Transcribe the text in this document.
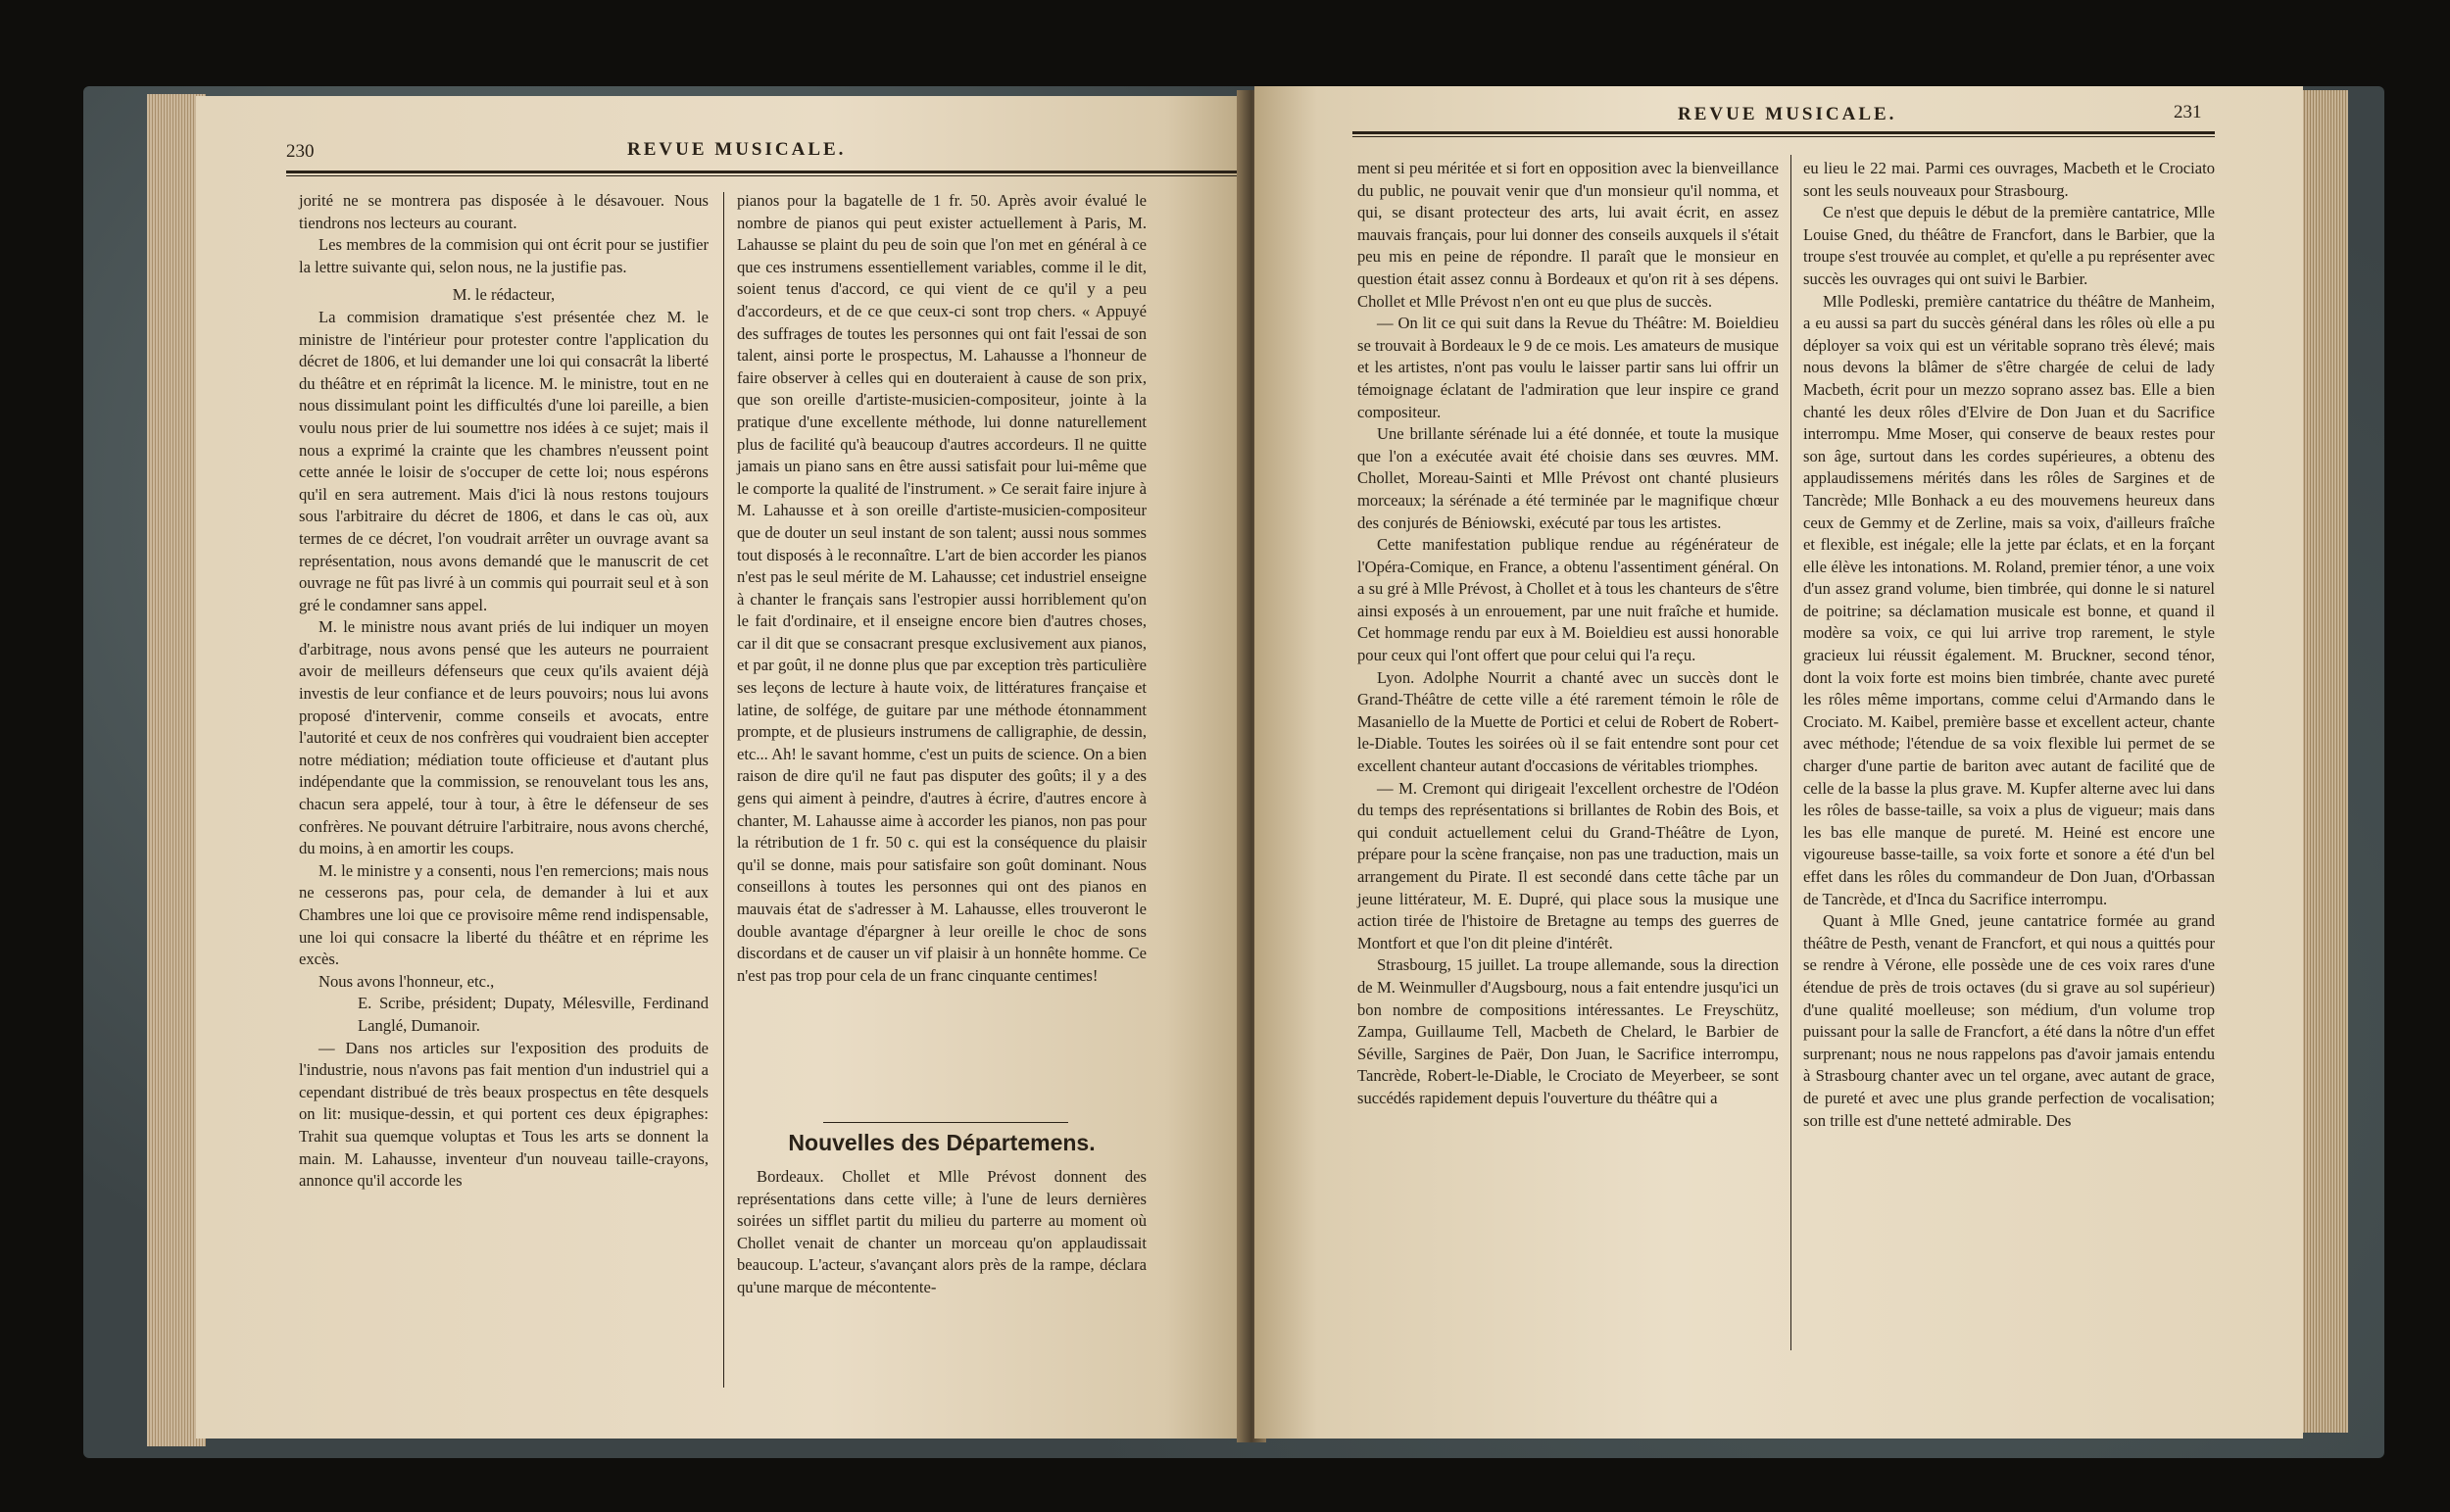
230	REVUE MUSICALE.

jorité ne se montrera pas disposée à le désavouer. Nous tiendrons nos lecteurs au courant.

Les membres de la commision qui ont écrit pour se justifier la lettre suivante qui, selon nous, ne la justifie pas.

M. le rédacteur,

La commision dramatique s'est présentée chez M. le ministre de l'intérieur pour protester contre l'application du décret de 1806, et lui demander une loi qui consacrât la liberté du théâtre et en réprimât la licence. M. le ministre, tout en ne nous dissimulant point les difficultés d'une loi pareille, a bien voulu nous prier de lui soumettre nos idées à ce sujet; mais il nous a exprimé la crainte que les chambres n'eussent point cette année le loisir de s'occuper de cette loi; nous espérons qu'il en sera autrement. Mais d'ici là nous restons toujours sous l'arbitraire du décret de 1806, et dans le cas où, aux termes de ce décret, l'on voudrait arrêter un ouvrage avant sa représentation, nous avons demandé que le manuscrit de cet ouvrage ne fût pas livré à un commis qui pourrait seul et à son gré le condamner sans appel.

M. le ministre nous avant priés de lui indiquer un moyen d'arbitrage, nous avons pensé que les auteurs ne pourraient avoir de meilleurs défenseurs que ceux qu'ils avaient déjà investis de leur confiance et de leurs pouvoirs; nous lui avons proposé d'intervenir, comme conseils et avocats, entre l'autorité et ceux de nos confrères qui voudraient bien accepter notre médiation; médiation toute officieuse et d'autant plus indépendante que la commission, se renouvelant tous les ans, chacun sera appelé, tour à tour, à être le défenseur de ses confrères. Ne pouvant détruire l'arbitraire, nous avons cherché, du moins, à en amortir les coups.

M. le ministre y a consenti, nous l'en remercions; mais nous ne cesserons pas, pour cela, de demander à lui et aux Chambres une loi que ce provisoire même rend indispensable, une loi qui consacre la liberté du théâtre et en réprime les excès.

Nous avons l'honneur, etc.,

E. Scribe, président; Dupaty, Mélesville, Ferdinand Langlé, Dumanoir.

— Dans nos articles sur l'exposition des produits de l'industrie, nous n'avons pas fait mention d'un industriel qui a cependant distribué de très beaux prospectus en tête desquels on lit: musique-dessin, et qui portent ces deux épigraphes: Trahit sua quemque voluptas et Tous les arts se donnent la main. M. Lahausse, inventeur d'un nouveau taille-crayons, annonce qu'il accorde les

pianos pour la bagatelle de 1 fr. 50. Après avoir évalué le nombre de pianos qui peut exister actuellement à Paris, M. Lahausse se plaint du peu de soin que l'on met en général à ce que ces instrumens essentiellement variables, comme il le dit, soient tenus d'accord, ce qui vient de ce qu'il y a peu d'accordeurs, et de ce que ceux-ci sont trop chers. « Appuyé des suffrages de toutes les personnes qui ont fait l'essai de son talent, ainsi porte le prospectus, M. Lahausse a l'honneur de faire observer à celles qui en douteraient à cause de son prix, que son oreille d'artiste-musicien-compositeur, jointe à la pratique d'une excellente méthode, lui donne naturellement plus de facilité qu'à beaucoup d'autres accordeurs. Il ne quitte jamais un piano sans en être aussi satisfait pour lui-même que le comporte la qualité de l'instrument. » Ce serait faire injure à M. Lahausse et à son oreille d'artiste-musicien-compositeur que de douter un seul instant de son talent; aussi nous sommes tout disposés à le reconnaître. L'art de bien accorder les pianos n'est pas le seul mérite de M. Lahausse; cet industriel enseigne à chanter le français sans l'estropier aussi horriblement qu'on le fait d'ordinaire, et il enseigne encore bien d'autres choses, car il dit que se consacrant presque exclusivement aux pianos, et par goût, il ne donne plus que par exception très particulière ses leçons de lecture à haute voix, de littératures française et latine, de solfége, de guitare par une méthode étonnamment prompte, et de plusieurs instrumens de calligraphie, de dessin, etc... Ah! le savant homme, c'est un puits de science. On a bien raison de dire qu'il ne faut pas disputer des goûts; il y a des gens qui aiment à peindre, d'autres à écrire, d'autres encore à chanter, M. Lahausse aime à accorder les pianos, non pas pour la rétribution de 1 fr. 50 c. qui est la conséquence du plaisir qu'il se donne, mais pour satisfaire son goût dominant. Nous conseillons à toutes les personnes qui ont des pianos en mauvais état de s'adresser à M. Lahausse, elles trouveront le double avantage d'épargner à leur oreille le choc de sons discordans et de causer un vif plaisir à un honnête homme. Ce n'est pas trop pour cela de un franc cinquante centimes!

Nouvelles des Départemens.

Bordeaux. Chollet et Mlle Prévost donnent des représentations dans cette ville; à l'une de leurs dernières soirées un sifflet partit du milieu du parterre au moment où Chollet venait de chanter un morceau qu'on applaudissait beaucoup. L'acteur, s'avançant alors près de la rampe, déclara qu'une marque de mécontente-

REVUE MUSICALE.	231

ment si peu méritée et si fort en opposition avec la bienveillance du public, ne pouvait venir que d'un monsieur qu'il nomma, et qui, se disant protecteur des arts, lui avait écrit, en assez mauvais français, pour lui donner des conseils auxquels il s'était peu mis en peine de répondre. Il paraît que le monsieur en question était assez connu à Bordeaux et qu'on rit à ses dépens. Chollet et Mlle Prévost n'en ont eu que plus de succès.

— On lit ce qui suit dans la Revue du Théâtre: M. Boieldieu se trouvait à Bordeaux le 9 de ce mois. Les amateurs de musique et les artistes, n'ont pas voulu le laisser partir sans lui offrir un témoignage éclatant de l'admiration que leur inspire ce grand compositeur.

Une brillante sérénade lui a été donnée, et toute la musique que l'on a exécutée avait été choisie dans ses œuvres. MM. Chollet, Moreau-Sainti et Mlle Prévost ont chanté plusieurs morceaux; la sérénade a été terminée par le magnifique chœur des conjurés de Béniowski, exécuté par tous les artistes.

Cette manifestation publique rendue au régénérateur de l'Opéra-Comique, en France, a obtenu l'assentiment général. On a su gré à Mlle Prévost, à Chollet et à tous les chanteurs de s'être ainsi exposés à un enrouement, par une nuit fraîche et humide. Cet hommage rendu par eux à M. Boieldieu est aussi honorable pour ceux qui l'ont offert que pour celui qui l'a reçu.

Lyon. Adolphe Nourrit a chanté avec un succès dont le Grand-Théâtre de cette ville a été rarement témoin le rôle de Masaniello de la Muette de Portici et celui de Robert de Robert-le-Diable. Toutes les soirées où il se fait entendre sont pour cet excellent chanteur autant d'occasions de véritables triomphes.

— M. Cremont qui dirigeait l'excellent orchestre de l'Odéon du temps des représentations si brillantes de Robin des Bois, et qui conduit actuellement celui du Grand-Théâtre de Lyon, prépare pour la scène française, non pas une traduction, mais un arrangement du Pirate. Il est secondé dans cette tâche par un jeune littérateur, M. E. Dupré, qui place sous la musique une action tirée de l'histoire de Bretagne au temps des guerres de Montfort et que l'on dit pleine d'intérêt.

Strasbourg, 15 juillet. La troupe allemande, sous la direction de M. Weinmuller d'Augsbourg, nous a fait entendre jusqu'ici un bon nombre de compositions intéressantes. Le Freyschütz, Zampa, Guillaume Tell, Macbeth de Chelard, le Barbier de Séville, Sargines de Paër, Don Juan, le Sacrifice interrompu, Tancrède, Robert-le-Diable, le Crociato de Meyerbeer, se sont succédés rapidement depuis l'ouverture du théâtre qui a

eu lieu le 22 mai. Parmi ces ouvrages, Macbeth et le Crociato sont les seuls nouveaux pour Strasbourg.

Ce n'est que depuis le début de la première cantatrice, Mlle Louise Gned, du théâtre de Francfort, dans le Barbier, que la troupe s'est trouvée au complet, et qu'elle a pu représenter avec succès les ouvrages qui ont suivi le Barbier.

Mlle Podleski, première cantatrice du théâtre de Manheim, a eu aussi sa part du succès général dans les rôles où elle a pu déployer sa voix qui est un véritable soprano très élevé; mais nous devons la blâmer de s'être chargée de celui de lady Macbeth, écrit pour un mezzo soprano assez bas. Elle a bien chanté les deux rôles d'Elvire de Don Juan et du Sacrifice interrompu. Mme Moser, qui conserve de beaux restes pour son âge, surtout dans les cordes supérieures, a obtenu des applaudissemens mérités dans les rôles de Sargines et de Tancrède; Mlle Bonhack a eu des mouvemens heureux dans ceux de Gemmy et de Zerline, mais sa voix, d'ailleurs fraîche et flexible, est inégale; elle la jette par éclats, et en la forçant elle élève les intonations. M. Roland, premier ténor, a une voix d'un assez grand volume, bien timbrée, qui donne le si naturel de poitrine; sa déclamation musicale est bonne, et quand il modère sa voix, ce qui lui arrive trop rarement, le style gracieux lui réussit également. M. Bruckner, second ténor, dont la voix forte est moins bien timbrée, chante avec pureté les rôles même importans, comme celui d'Armando dans le Crociato. M. Kaibel, première basse et excellent acteur, chante avec méthode; l'étendue de sa voix flexible lui permet de se charger d'une partie de bariton avec autant de facilité que de celle de la basse la plus grave. M. Kupfer alterne avec lui dans les rôles de basse-taille, sa voix a plus de vigueur; mais dans les bas elle manque de pureté. M. Heiné est encore une vigoureuse basse-taille, sa voix forte et sonore a été d'un bel effet dans les rôles du commandeur de Don Juan, d'Orbassan de Tancrède, et d'Inca du Sacrifice interrompu.

Quant à Mlle Gned, jeune cantatrice formée au grand théâtre de Pesth, venant de Francfort, et qui nous a quittés pour se rendre à Vérone, elle possède une de ces voix rares d'une étendue de près de trois octaves (du si grave au sol supérieur) d'une qualité moelleuse; son médium, d'un volume trop puissant pour la salle de Francfort, a été dans la nôtre d'un effet surprenant; nous ne nous rappelons pas d'avoir jamais entendu à Strasbourg chanter avec un tel organe, avec autant de grace, de pureté et avec une plus grande perfection de vocalisation; son trille est d'une netteté admirable. Des
